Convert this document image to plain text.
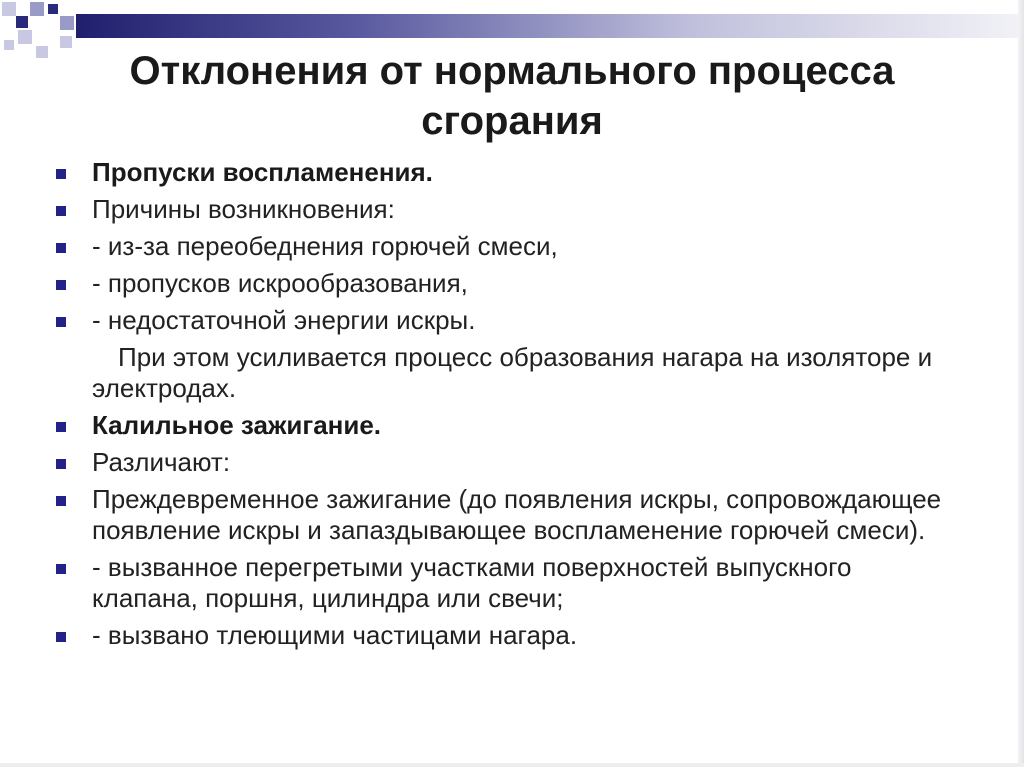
Отклонения от нормального процесса
сгорания
Пропуски воспламенения.
Причины возникновения:
- из-за переобеднения горючей смеси,
- пропусков искрообразования,
- недостаточной энергии искры.
При этом усиливается процесс образования нагара на изоляторе и электродах.
Калильное зажигание.
Различают:
Преждевременное зажигание (до появления искры, сопровождающее появление искры и запаздывающее воспламенение горючей смеси).
- вызванное перегретыми участками поверхностей выпускного клапана, поршня, цилиндра или свечи;
- вызвано тлеющими частицами нагара.
